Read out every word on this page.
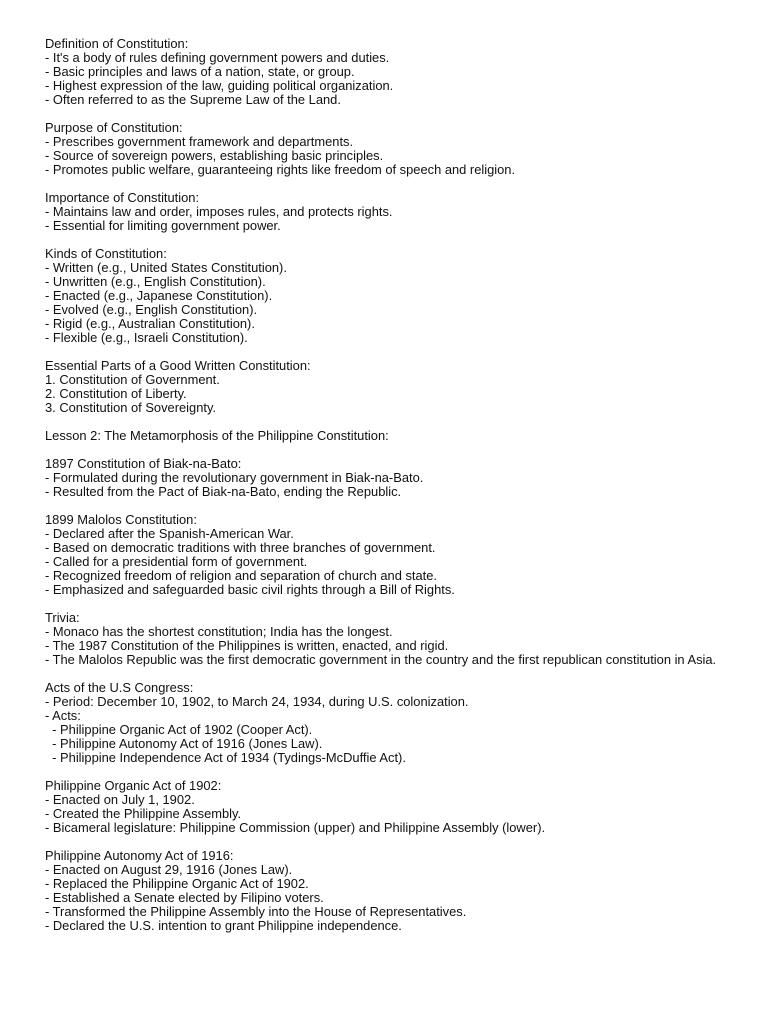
Definition of Constitution:
- It's a body of rules defining government powers and duties.
- Basic principles and laws of a nation, state, or group.
- Highest expression of the law, guiding political organization.
- Often referred to as the Supreme Law of the Land.
Purpose of Constitution:
- Prescribes government framework and departments.
- Source of sovereign powers, establishing basic principles.
- Promotes public welfare, guaranteeing rights like freedom of speech and religion.
Importance of Constitution:
- Maintains law and order, imposes rules, and protects rights.
- Essential for limiting government power.
Kinds of Constitution:
- Written (e.g., United States Constitution).
- Unwritten (e.g., English Constitution).
- Enacted (e.g., Japanese Constitution).
- Evolved (e.g., English Constitution).
- Rigid (e.g., Australian Constitution).
- Flexible (e.g., Israeli Constitution).
Essential Parts of a Good Written Constitution:
1. Constitution of Government.
2. Constitution of Liberty.
3. Constitution of Sovereignty.
Lesson 2: The Metamorphosis of the Philippine Constitution:
1897 Constitution of Biak-na-Bato:
- Formulated during the revolutionary government in Biak-na-Bato.
- Resulted from the Pact of Biak-na-Bato, ending the Republic.
1899 Malolos Constitution:
- Declared after the Spanish-American War.
- Based on democratic traditions with three branches of government.
- Called for a presidential form of government.
- Recognized freedom of religion and separation of church and state.
- Emphasized and safeguarded basic civil rights through a Bill of Rights.
Trivia:
- Monaco has the shortest constitution; India has the longest.
- The 1987 Constitution of the Philippines is written, enacted, and rigid.
- The Malolos Republic was the first democratic government in the country and the first republican constitution in Asia.
Acts of the U.S Congress:
- Period: December 10, 1902, to March 24, 1934, during U.S. colonization.
- Acts:
- Philippine Organic Act of 1902 (Cooper Act).
- Philippine Autonomy Act of 1916 (Jones Law).
- Philippine Independence Act of 1934 (Tydings-McDuffie Act).
Philippine Organic Act of 1902:
- Enacted on July 1, 1902.
- Created the Philippine Assembly.
- Bicameral legislature: Philippine Commission (upper) and Philippine Assembly (lower).
Philippine Autonomy Act of 1916:
- Enacted on August 29, 1916 (Jones Law).
- Replaced the Philippine Organic Act of 1902.
- Established a Senate elected by Filipino voters.
- Transformed the Philippine Assembly into the House of Representatives.
- Declared the U.S. intention to grant Philippine independence.
